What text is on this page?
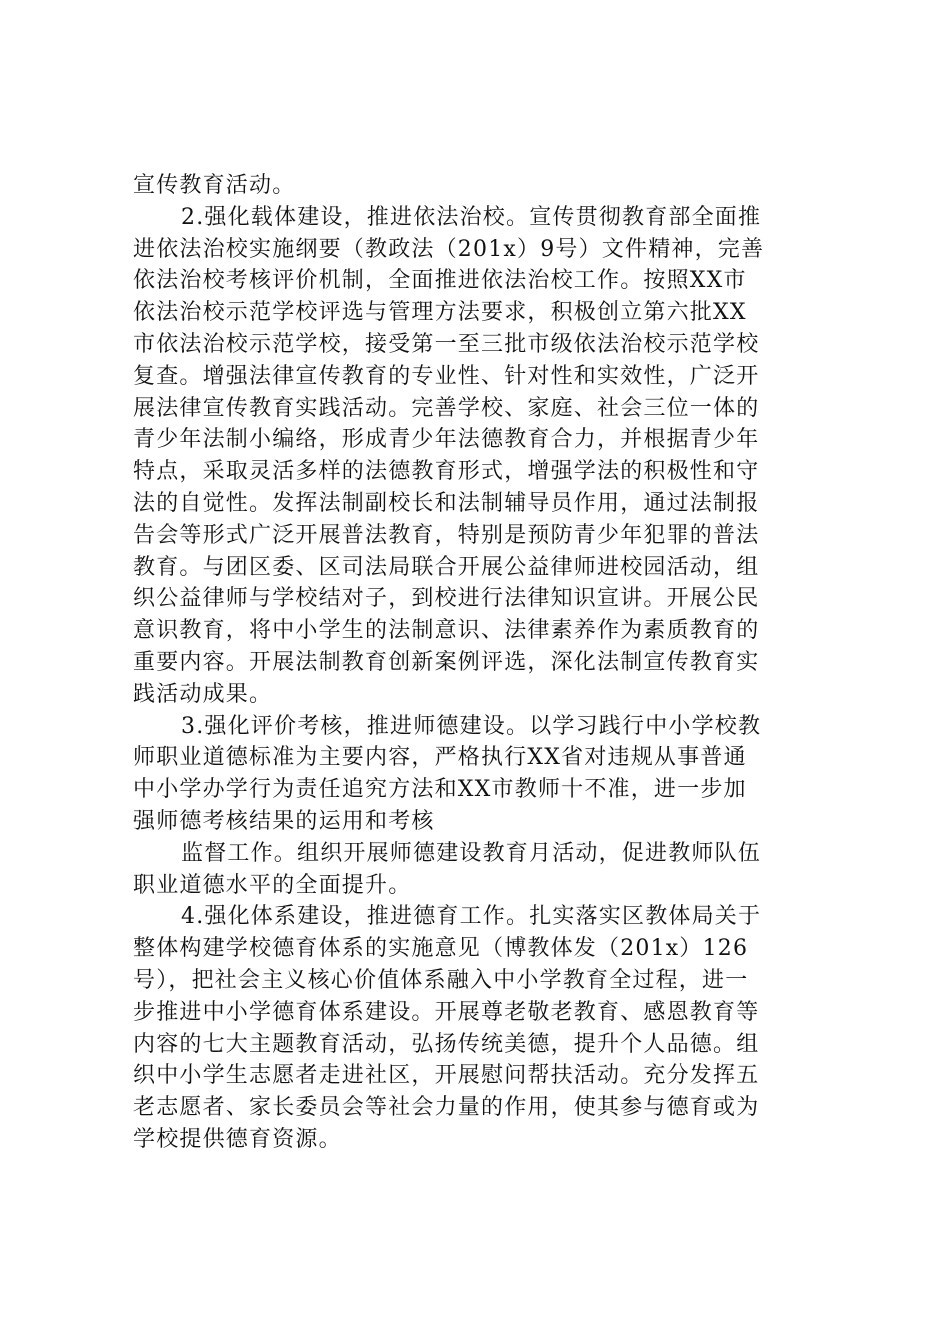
宣传教育活动。
2.强化载体建设，推进依法治校。宣传贯彻教育部全面推
进依法治校实施纲要（教政法（201x）9号）文件精神，完善
依法治校考核评价机制，全面推进依法治校工作。按照XX市
依法治校示范学校评选与管理方法要求，积极创立第六批XX
市依法治校示范学校，接受第一至三批市级依法治校示范学校
复查。增强法律宣传教育的专业性、针对性和实效性，广泛开
展法律宣传教育实践活动。完善学校、家庭、社会三位一体的
青少年法制小编络，形成青少年法德教育合力，并根据青少年
特点，采取灵活多样的法德教育形式，增强学法的积极性和守
法的自觉性。发挥法制副校长和法制辅导员作用，通过法制报
告会等形式广泛开展普法教育，特别是预防青少年犯罪的普法
教育。与团区委、区司法局联合开展公益律师进校园活动，组
织公益律师与学校结对子，到校进行法律知识宣讲。开展公民
意识教育，将中小学生的法制意识、法律素养作为素质教育的
重要内容。开展法制教育创新案例评选，深化法制宣传教育实
践活动成果。
3.强化评价考核，推进师德建设。以学习践行中小学校教
师职业道德标准为主要内容，严格执行XX省对违规从事普通
中小学办学行为责任追究方法和XX市教师十不准，进一步加
强师德考核结果的运用和考核
监督工作。组织开展师德建设教育月活动，促进教师队伍
职业道德水平的全面提升。
4.强化体系建设，推进德育工作。扎实落实区教体局关于
整体构建学校德育体系的实施意见（博教体发（201x）126
号），把社会主义核心价值体系融入中小学教育全过程，进一
步推进中小学德育体系建设。开展尊老敬老教育、感恩教育等
内容的七大主题教育活动，弘扬传统美德，提升个人品德。组
织中小学生志愿者走进社区，开展慰问帮扶活动。充分发挥五
老志愿者、家长委员会等社会力量的作用，使其参与德育或为
学校提供德育资源。
